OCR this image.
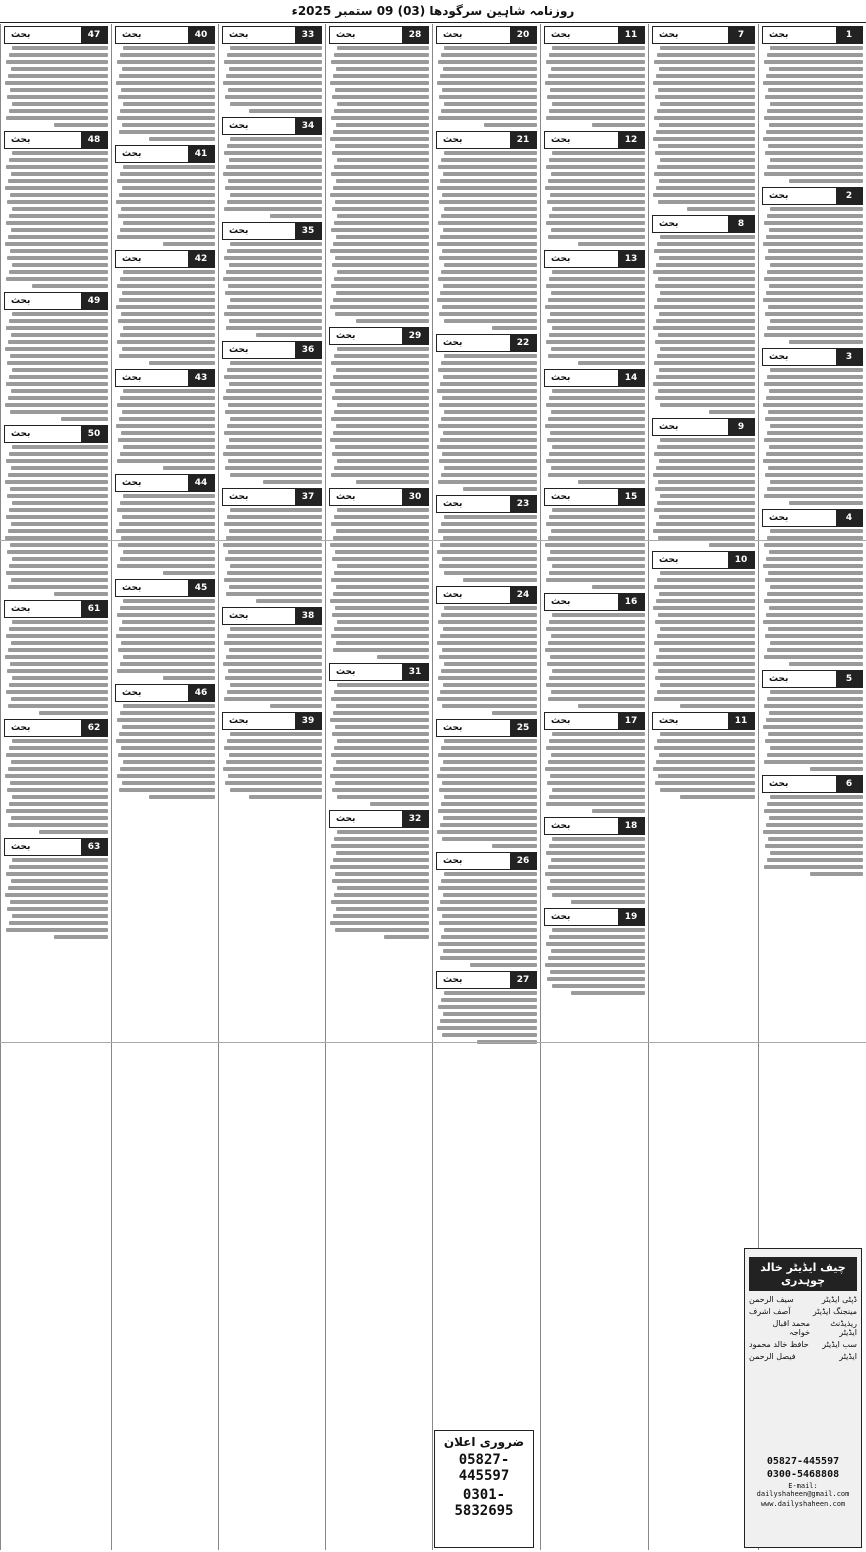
روزنامہ شاہین سرگودھا (03) 09 ستمبر 2025ء
1
بحث
2
بحث
3
بحث
4
بحث
5
بحث
6
بحث
7
بحث
8
بحث
9
بحث
10
بحث
11
بحث
11
بحث
12
بحث
13
بحث
14
بحث
15
بحث
16
بحث
17
بحث
18
بحث
19
بحث
20
بحث
21
بحث
22
بحث
23
بحث
24
بحث
25
بحث
26
بحث
27
بحث
28
بحث
29
بحث
30
بحث
31
بحث
32
بحث
33
بحث
34
بحث
35
بحث
36
بحث
37
بحث
38
بحث
39
بحث
40
بحث
41
بحث
42
بحث
43
بحث
44
بحث
45
بحث
46
بحث
47
بحث
48
بحث
49
بحث
50
بحث
61
بحث
62
بحث
63
بحث
ضروری اعلان
05827-445597
0301-5832695
چیف ایڈیٹر خالد چوہدری
ڈپٹی ایڈیٹر
سیف الرحمن
مینجنگ ایڈیٹر
آصف اشرف
ریذیڈنٹ ایڈیٹر
محمد اقبال خواجہ
سب ایڈیٹر
حافظ خالد محمود
ایڈیٹر
فیصل الرحمن
05827-445597
0300-5468808
E-mail: dailyshaheen@gmail.com
www.dailyshaheen.com
